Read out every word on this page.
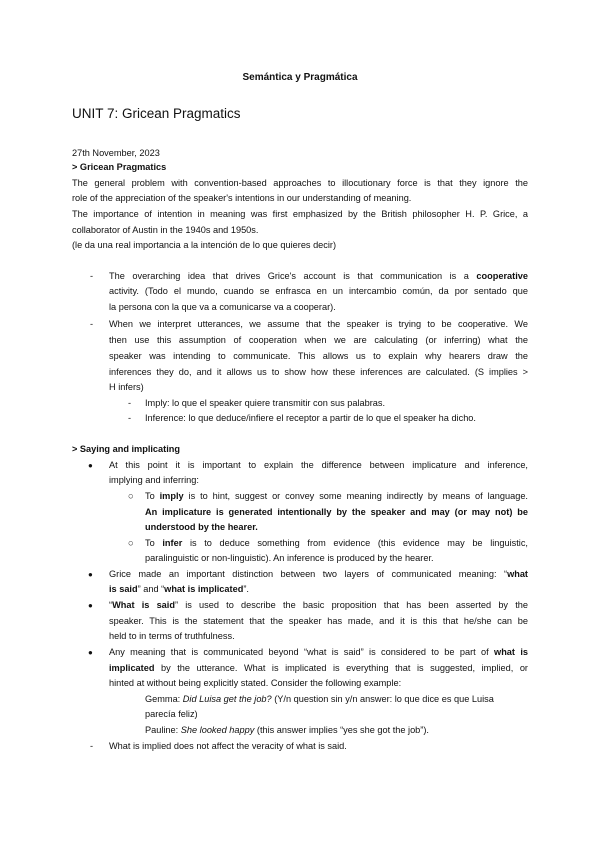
Semántica y Pragmática
UNIT 7: Gricean Pragmatics
27th November, 2023
> Gricean Pragmatics
The general problem with convention-based approaches to illocutionary force is that they ignore the
role of the appreciation of the speaker's intentions in our understanding of meaning.
The importance of intention in meaning was first emphasized by the British philosopher H. P. Grice, a
collaborator of Austin in the 1940s and 1950s.
(le da una real importancia a la intención de lo que quieres decir)
- The overarching idea that drives Grice's account is that communication is a cooperative
activity. (Todo el mundo, cuando se enfrasca en un intercambio común, da por sentado que
la persona con la que va a comunicarse va a cooperar).
- When we interpret utterances, we assume that the speaker is trying to be cooperative. We
then use this assumption of cooperation when we are calculating (or inferring) what the
speaker was intending to communicate. This allows us to explain why hearers draw the
inferences they do, and it allows us to show how these inferences are calculated. (S implies >
H infers)
- Imply: lo que el speaker quiere transmitir con sus palabras.
- Inference: lo que deduce/infiere el receptor a partir de lo que el speaker ha dicho.
> Saying and implicating
● At this point it is important to explain the difference between implicature and inference,
implying and inferring:
○ To imply is to hint, suggest or convey some meaning indirectly by means of language.
An implicature is generated intentionally by the speaker and may (or may not) be
understood by the hearer.
○ To infer is to deduce something from evidence (this evidence may be linguistic,
paralinguistic or non-linguistic). An inference is produced by the hearer.
● Grice made an important distinction between two layers of communicated meaning: “what
is said” and “what is implicated”.
● “What is said” is used to describe the basic proposition that has been asserted by the
speaker. This is the statement that the speaker has made, and it is this that he/she can be
held to in terms of truthfulness.
● Any meaning that is communicated beyond “what is said” is considered to be part of what is
implicated by the utterance. What is implicated is everything that is suggested, implied, or
hinted at without being explicitly stated. Consider the following example:
Gemma: Did Luisa get the job? (Y/n question sin y/n answer: lo que dice es que Luisa
parecía feliz)
Pauline: She looked happy (this answer implies “yes she got the job”).
- What is implied does not affect the veracity of what is said.
